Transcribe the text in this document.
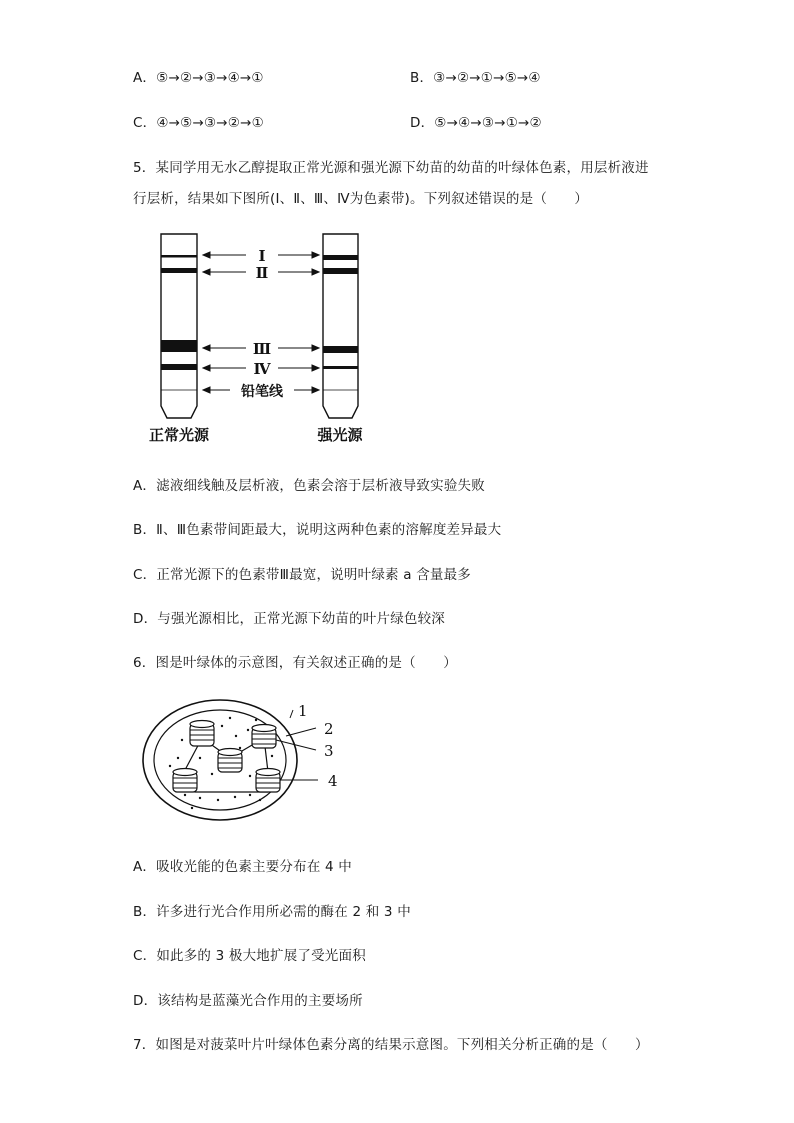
A．⑤→②→③→④→①	B．③→②→①→⑤→④
C．④→⑤→③→②→①	D．⑤→④→③→①→②
5．某同学用无水乙醇提取正常光源和强光源下幼苗的幼苗的叶绿体色素，用层析液进
行层析，结果如下图所(Ⅰ、Ⅱ、Ⅲ、Ⅳ为色素带)。下列叙述错误的是（　　）
Ⅰ
Ⅱ
Ⅲ
Ⅳ
铅笔线
正常光源	强光源
A．滤液细线触及层析液，色素会溶于层析液导致实验失败
B．Ⅱ、Ⅲ色素带间距最大，说明这两种色素的溶解度差异最大
C．正常光源下的色素带Ⅲ最宽，说明叶绿素 a 含量最多
D．与强光源相比，正常光源下幼苗的叶片绿色较深
6．图是叶绿体的示意图，有关叙述正确的是（　　）
1
2
3
4
A．吸收光能的色素主要分布在 4 中
B．许多进行光合作用所必需的酶在 2 和 3 中
C．如此多的 3 极大地扩展了受光面积
D．该结构是蓝藻光合作用的主要场所
7．如图是对菠菜叶片叶绿体色素分离的结果示意图。下列相关分析正确的是（　　）
